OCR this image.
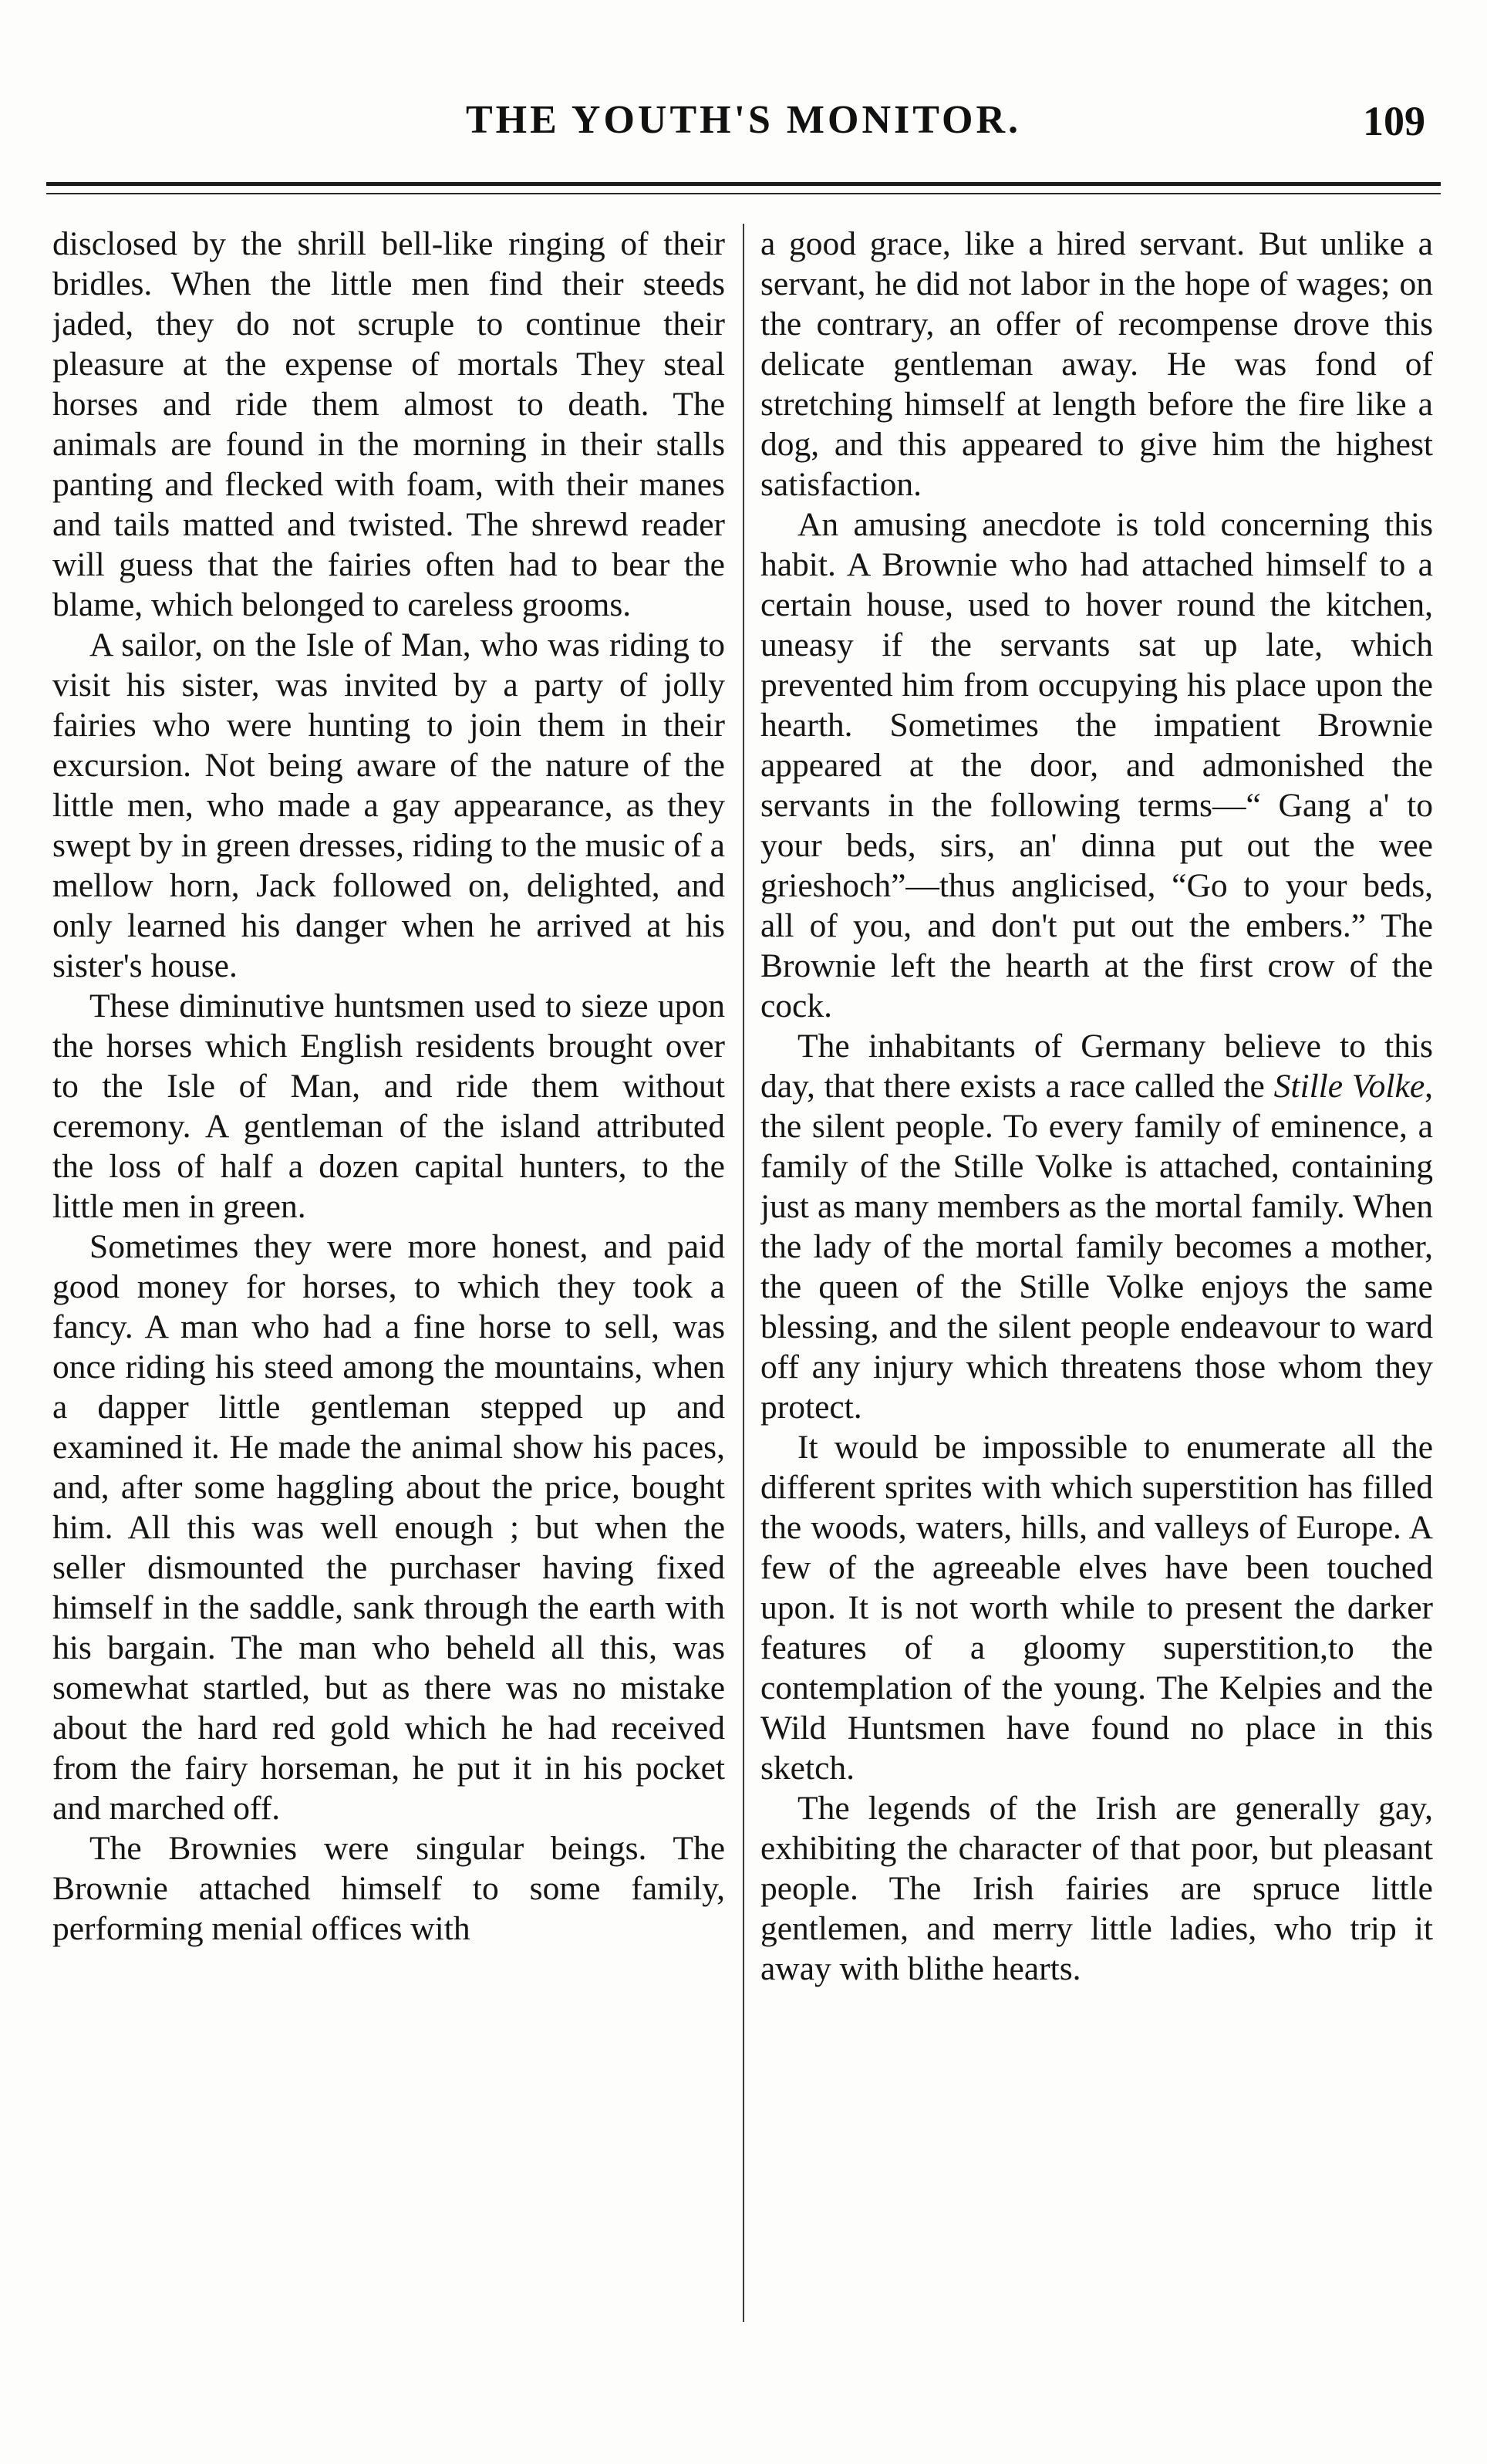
THE YOUTH'S MONITOR.	109

disclosed by the shrill bell-like ringing of their bridles. When the little men find their steeds jaded, they do not scruple to continue their pleasure at the expense of mortals They steal horses and ride them almost to death. The animals are found in the morning in their stalls panting and flecked with foam, with their manes and tails matted and twisted. The shrewd reader will guess that the fairies often had to bear the blame, which belonged to careless grooms.

A sailor, on the Isle of Man, who was riding to visit his sister, was invited by a party of jolly fairies who were hunting to join them in their excursion. Not being aware of the nature of the little men, who made a gay appearance, as they swept by in green dresses, riding to the music of a mellow horn, Jack followed on, delighted, and only learned his danger when he arrived at his sister's house.

These diminutive huntsmen used to sieze upon the horses which English residents brought over to the Isle of Man, and ride them without ceremony. A gentleman of the island attributed the loss of half a dozen capital hunters, to the little men in green.

Sometimes they were more honest, and paid good money for horses, to which they took a fancy. A man who had a fine horse to sell, was once riding his steed among the mountains, when a dapper little gentleman stepped up and examined it. He made the animal show his paces, and, after some haggling about the price, bought him. All this was well enough ; but when the seller dismounted the purchaser having fixed himself in the saddle, sank through the earth with his bargain. The man who beheld all this, was somewhat startled, but as there was no mistake about the hard red gold which he had received from the fairy horseman, he put it in his pocket and marched off.

The Brownies were singular beings. The Brownie attached himself to some family, performing menial offices with

a good grace, like a hired servant. But unlike a servant, he did not labor in the hope of wages; on the contrary, an offer of recompense drove this delicate gentleman away. He was fond of stretching himself at length before the fire like a dog, and this appeared to give him the highest satisfaction.

An amusing anecdote is told concerning this habit. A Brownie who had attached himself to a certain house, used to hover round the kitchen, uneasy if the servants sat up late, which prevented him from occupying his place upon the hearth. Sometimes the impatient Brownie appeared at the door, and admonished the servants in the following terms—“ Gang a' to your beds, sirs, an' dinna put out the wee grieshoch”—thus anglicised, “Go to your beds, all of you, and don't put out the embers.” The Brownie left the hearth at the first crow of the cock.

The inhabitants of Germany believe to this day, that there exists a race called the Stille Volke, the silent people. To every family of eminence, a family of the Stille Volke is attached, containing just as many members as the mortal family. When the lady of the mortal family becomes a mother, the queen of the Stille Volke enjoys the same blessing, and the silent people endeavour to ward off any injury which threatens those whom they protect.

It would be impossible to enumerate all the different sprites with which superstition has filled the woods, waters, hills, and valleys of Europe. A few of the agreeable elves have been touched upon. It is not worth while to present the darker features of a gloomy superstition,to the contemplation of the young. The Kelpies and the Wild Huntsmen have found no place in this sketch.

The legends of the Irish are generally gay, exhibiting the character of that poor, but pleasant people. The Irish fairies are spruce little gentlemen, and merry little ladies, who trip it away with blithe hearts.
